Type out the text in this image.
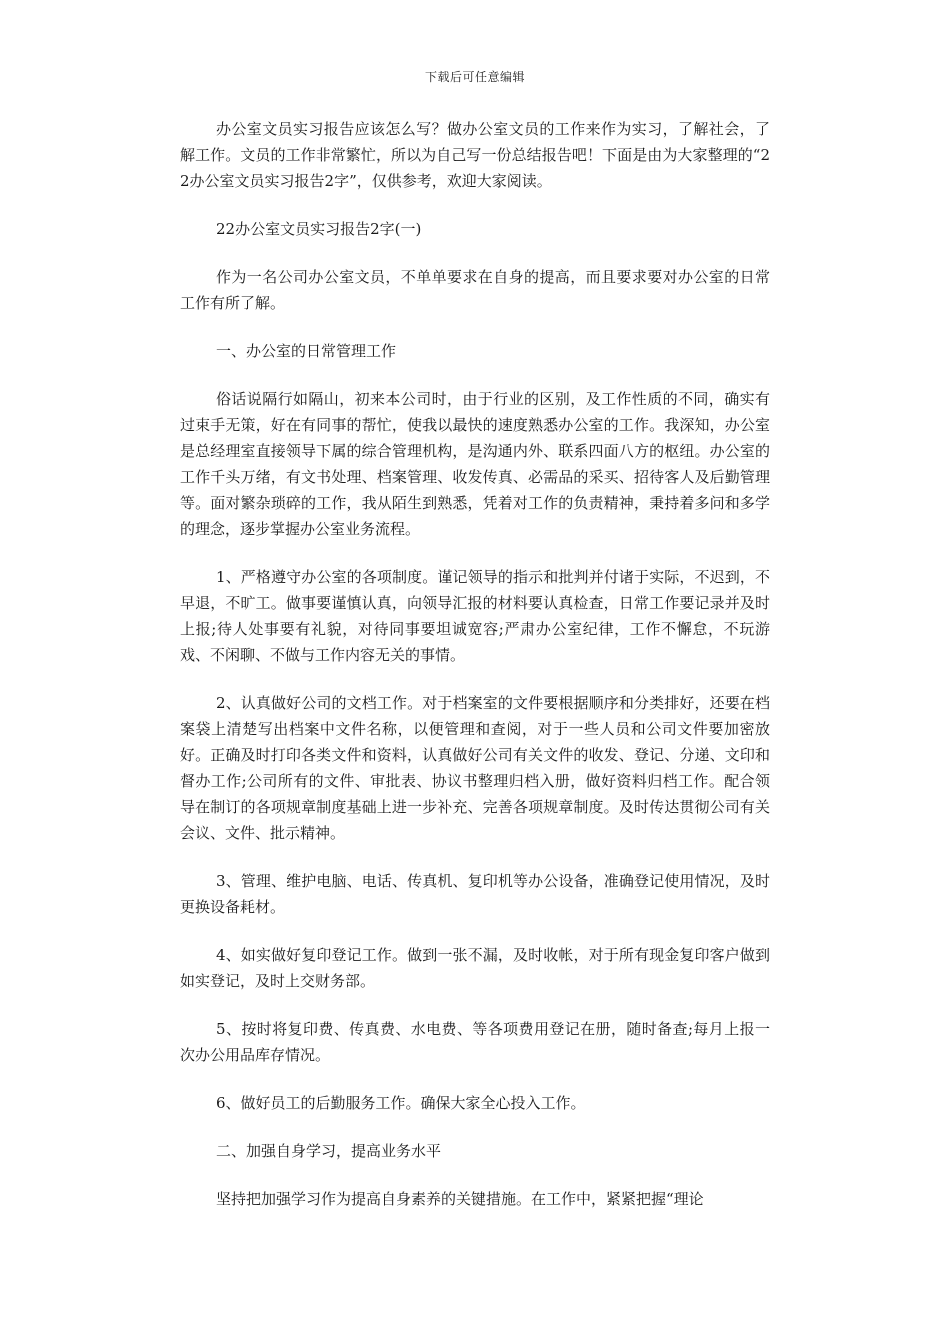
下载后可任意编辑

办公室文员实习报告应该怎么写？做办公室文员的工作来作为实习，了解社会，了解工作。文员的工作非常繁忙，所以为自己写一份总结报告吧！下面是由为大家整理的“22办公室文员实习报告2字”，仅供参考，欢迎大家阅读。

22办公室文员实习报告2字(一)

作为一名公司办公室文员，不单单要求在自身的提高，而且要求要对办公室的日常工作有所了解。

一、办公室的日常管理工作

俗话说隔行如隔山，初来本公司时，由于行业的区别，及工作性质的不同，确实有过束手无策，好在有同事的帮忙，使我以最快的速度熟悉办公室的工作。我深知，办公室是总经理室直接领导下属的综合管理机构，是沟通内外、联系四面八方的枢纽。办公室的工作千头万绪，有文书处理、档案管理、收发传真、必需品的采买、招待客人及后勤管理等。面对繁杂琐碎的工作，我从陌生到熟悉，凭着对工作的负责精神，秉持着多问和多学的理念，逐步掌握办公室业务流程。

1、严格遵守办公室的各项制度。谨记领导的指示和批判并付诸于实际，不迟到，不早退，不旷工。做事要谨慎认真，向领导汇报的材料要认真检查，日常工作要记录并及时上报;待人处事要有礼貌，对待同事要坦诚宽容;严肃办公室纪律，工作不懈怠，不玩游戏、不闲聊、不做与工作内容无关的事情。

2、认真做好公司的文档工作。对于档案室的文件要根据顺序和分类排好，还要在档案袋上清楚写出档案中文件名称，以便管理和查阅，对于一些人员和公司文件要加密放好。正确及时打印各类文件和资料，认真做好公司有关文件的收发、登记、分递、文印和督办工作;公司所有的文件、审批表、协议书整理归档入册，做好资料归档工作。配合领导在制订的各项规章制度基础上进一步补充、完善各项规章制度。及时传达贯彻公司有关会议、文件、批示精神。

3、管理、维护电脑、电话、传真机、复印机等办公设备，准确登记使用情况，及时更换设备耗材。

4、如实做好复印登记工作。做到一张不漏，及时收帐，对于所有现金复印客户做到如实登记，及时上交财务部。

5、按时将复印费、传真费、水电费、等各项费用登记在册，随时备查;每月上报一次办公用品库存情况。

6、做好员工的后勤服务工作。确保大家全心投入工作。

二、加强自身学习，提高业务水平

坚持把加强学习作为提高自身素养的关键措施。在工作中，紧紧把握“理论
